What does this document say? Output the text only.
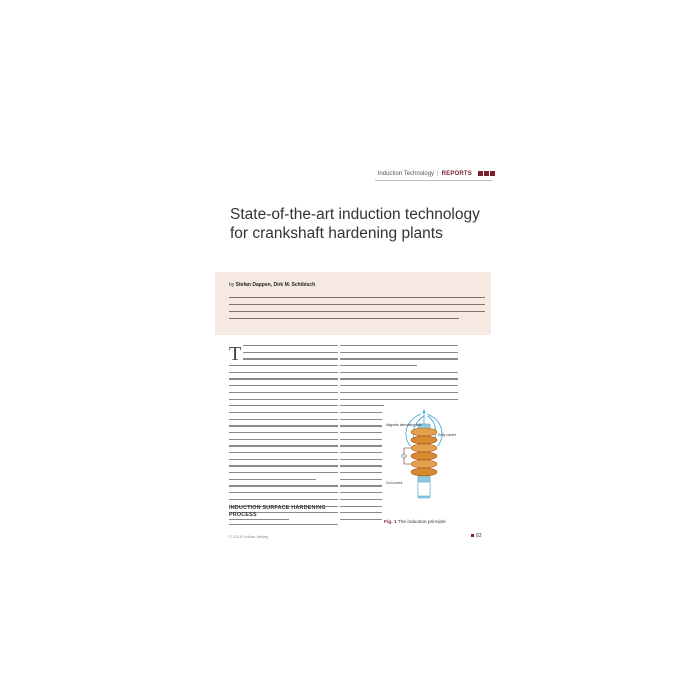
Induction Technology | REPORTS
State-of-the-art induction technology for crankshaft hardening plants
by Stefan Dappen, Dirk M. Schibisch
T
INDUCTION SURFACE HARDENING PROCESS
Magnetic alternating field
Eddy current
Coil current
Fig. 1 The induction principle
© 2015 Vulkan-Verlag	83
